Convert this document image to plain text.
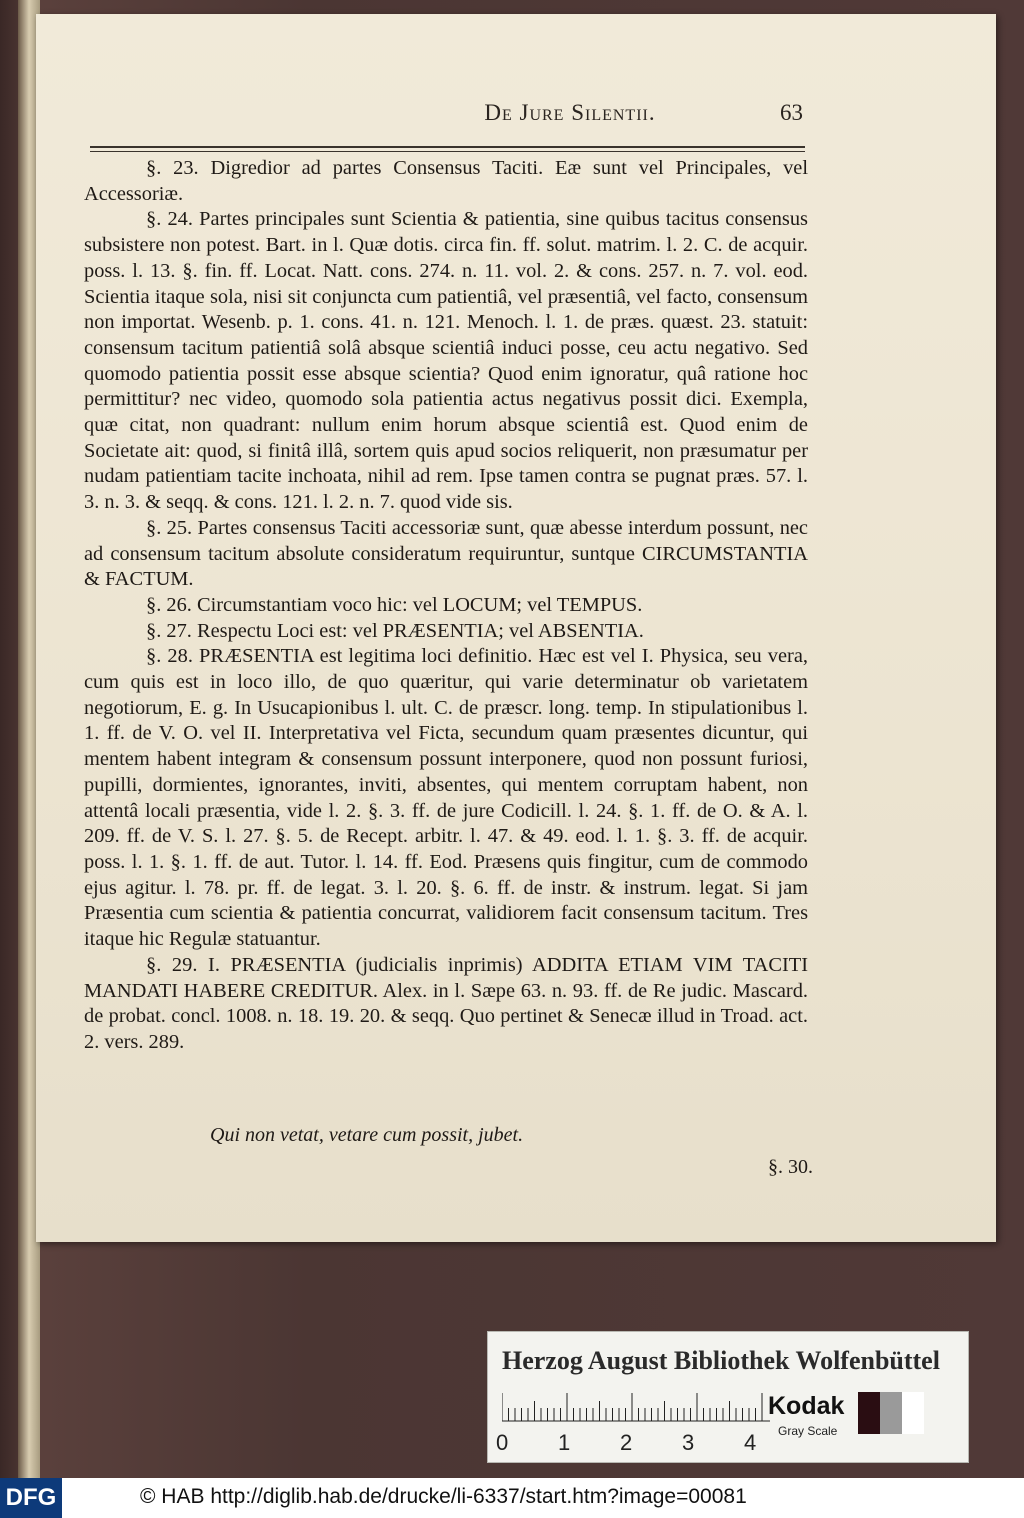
De Jure Silentii.	63

§. 23. Digredior ad partes Consensus Taciti. Eæ sunt vel Principales, vel Accessoriæ.

§. 24. Partes principales sunt Scientia & patientia, sine quibus tacitus consensus subsistere non potest. Bart. in l. Quæ dotis. circa fin. ff. solut. matrim. l. 2. C. de acquir. poss. l. 13. §. fin. ff. Locat. Natt. cons. 274. n. 11. vol. 2. & cons. 257. n. 7. vol. eod. Scientia itaque sola, nisi sit conjuncta cum patientiâ, vel præsentiâ, vel facto, consensum non importat. Wesenb. p. 1. cons. 41. n. 121. Menoch. l. 1. de præs. quæst. 23. statuit: consensum tacitum patientiâ solâ absque scientiâ induci posse, ceu actu negativo. Sed quomodo patientia possit esse absque scientia? Quod enim ignoratur, quâ ratione hoc permittitur? nec video, quomodo sola patientia actus negativus possit dici. Exempla, quæ citat, non quadrant: nullum enim horum absque scientiâ est. Quod enim de Societate ait: quod, si finitâ illâ, sortem quis apud socios reliquerit, non præsumatur per nudam patientiam tacite inchoata, nihil ad rem. Ipse tamen contra se pugnat præs. 57. l. 3. n. 3. & seqq. & cons. 121. l. 2. n. 7. quod vide sis.

§. 25. Partes consensus Taciti accessoriæ sunt, quæ abesse interdum possunt, nec ad consensum tacitum absolute consideratum requiruntur, suntque CIRCUMSTANTIA & FACTUM.

§. 26. Circumstantiam voco hic: vel LOCUM; vel TEMPUS.

§. 27. Respectu Loci est: vel PRÆSENTIA; vel ABSENTIA.

§. 28. PRÆSENTIA est legitima loci definitio. Hæc est vel I. Physica, seu vera, cum quis est in loco illo, de quo quæritur, qui varie determinatur ob varietatem negotiorum, E. g. In Usucapionibus l. ult. C. de præscr. long. temp. In stipulationibus l. 1. ff. de V. O. vel II. Interpretativa vel Ficta, secundum quam præsentes dicuntur, qui mentem habent integram & consensum possunt interponere, quod non possunt furiosi, pupilli, dormientes, ignorantes, inviti, absentes, qui mentem corruptam habent, non attentâ locali præsentia, vide l. 2. §. 3. ff. de jure Codicill. l. 24. §. 1. ff. de O. & A. l. 209. ff. de V. S. l. 27. §. 5. de Recept. arbitr. l. 47. & 49. eod. l. 1. §. 3. ff. de acquir. poss. l. 1. §. 1. ff. de aut. Tutor. l. 14. ff. Eod. Præsens quis fingitur, cum de commodo ejus agitur. l. 78. pr. ff. de legat. 3. l. 20. §. 6. ff. de instr. & instrum. legat. Si jam Præsentia cum scientia & patientia concurrat, validiorem facit consensum tacitum. Tres itaque hic Regulæ statuantur.

§. 29. I. PRÆSENTIA (judicialis inprimis) ADDITA ETIAM VIM TACITI MANDATI HABERE CREDITUR. Alex. in l. Sæpe 63. n. 93. ff. de Re judic. Mascard. de probat. concl. 1008. n. 18. 19. 20. & seqq. Quo pertinet & Senecæ illud in Troad. act. 2. vers. 289.

Qui non vetat, vetare cum possit, jubet.
§. 30.
Herzog August Bibliothek Wolfenbüttel
0 1 2 3 4
Kodak
Gray Scale
DFG	© HAB http://diglib.hab.de/drucke/li-6337/start.htm?image=00081
